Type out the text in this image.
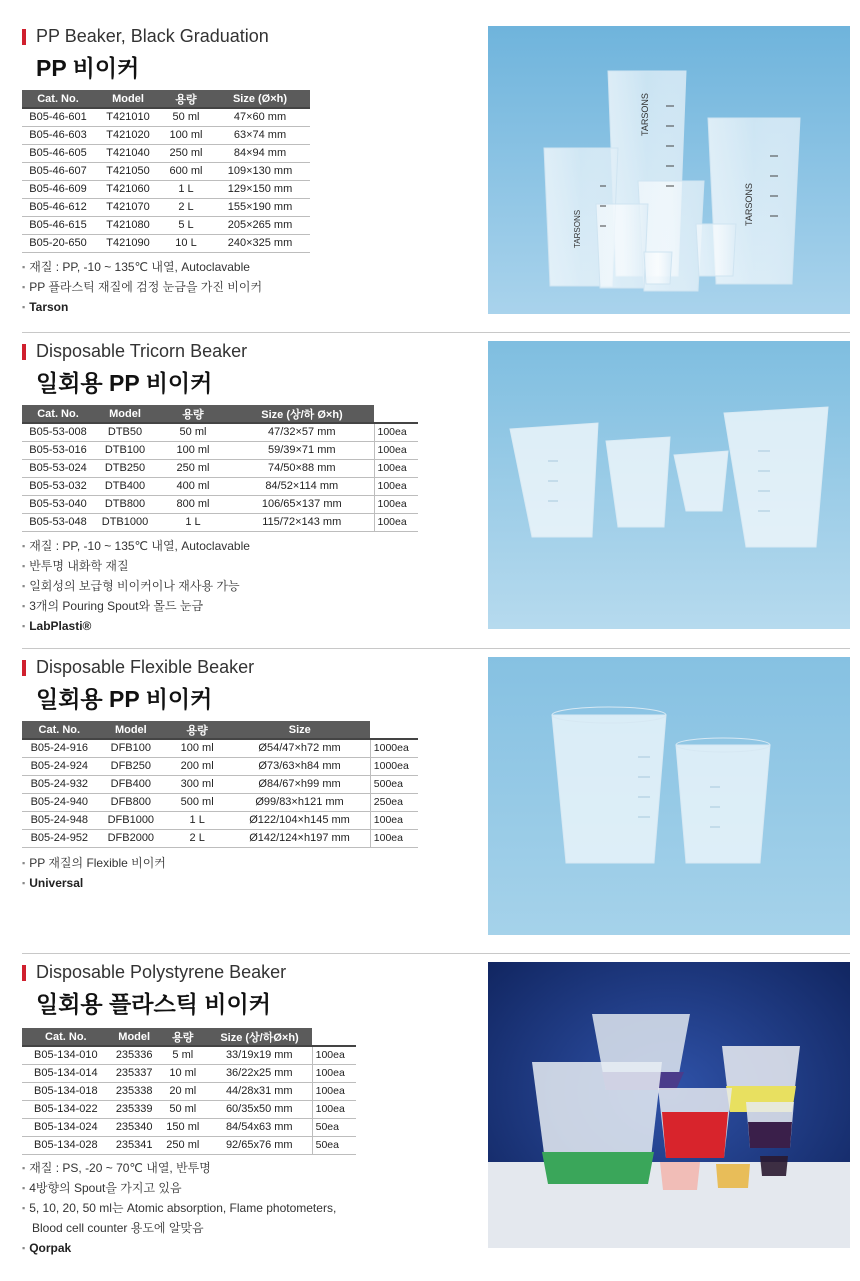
PP Beaker, Black Graduation
PP 비이커
Cat. No.	Model	용량	Size (Ø×h)
B05-46-601	T421010	50 ml	47×60 mm
B05-46-603	T421020	100 ml	63×74 mm
B05-46-605	T421040	250 ml	84×94 mm
B05-46-607	T421050	600 ml	109×130 mm
B05-46-609	T421060	1 L	129×150 mm
B05-46-612	T421070	2 L	155×190 mm
B05-46-615	T421080	5 L	205×265 mm
B05-20-650	T421090	10 L	240×325 mm
▪ 재질 : PP, -10 ~ 135℃ 내열, Autoclavable
▪ PP 플라스틱 재질에 검정 눈금을 가진 비이커
▪ Tarson
TARSONS
TARSONS
TARSONS
Disposable Tricorn Beaker
일회용 PP 비이커
Cat. No.	Model	용량	Size (상/하 Ø×h)	
B05-53-008	DTB50	50 ml	47/32×57 mm	100ea
B05-53-016	DTB100	100 ml	59/39×71 mm	100ea
B05-53-024	DTB250	250 ml	74/50×88 mm	100ea
B05-53-032	DTB400	400 ml	84/52×114 mm	100ea
B05-53-040	DTB800	800 ml	106/65×137 mm	100ea
B05-53-048	DTB1000	1 L	115/72×143 mm	100ea
▪ 재질 : PP, -10 ~ 135℃ 내열, Autoclavable
▪ 반투명 내화학 재질
▪ 일회성의 보급형 비이커이나 재사용 가능
▪ 3개의 Pouring Spout와 몰드 눈금
▪ LabPlasti®
Disposable Flexible Beaker
일회용 PP 비이커
Cat. No.	Model	용량	Size	
B05-24-916	DFB100	100 ml	Ø54/47×h72 mm	1000ea
B05-24-924	DFB250	200 ml	Ø73/63×h84 mm	1000ea
B05-24-932	DFB400	300 ml	Ø84/67×h99 mm	500ea
B05-24-940	DFB800	500 ml	Ø99/83×h121 mm	250ea
B05-24-948	DFB1000	1 L	Ø122/104×h145 mm	100ea
B05-24-952	DFB2000	2 L	Ø142/124×h197 mm	100ea
▪ PP 재질의 Flexible 비이커
▪ Universal
Disposable Polystyrene Beaker
일회용 플라스틱 비이커
Cat. No.	Model	용량	Size (상/하Ø×h)	
B05-134-010	235336	5 ml	33/19x19 mm	100ea
B05-134-014	235337	10 ml	36/22x25 mm	100ea
B05-134-018	235338	20 ml	44/28x31 mm	100ea
B05-134-022	235339	50 ml	60/35x50 mm	100ea
B05-134-024	235340	150 ml	84/54x63 mm	50ea
B05-134-028	235341	250 ml	92/65x76 mm	50ea
▪ 재질 : PS, -20 ~ 70℃ 내열, 반투명
▪ 4방향의 Spout을 가지고 있음
▪ 5, 10, 20, 50 ml는 Atomic absorption, Flame photometers,
Blood cell counter 용도에 알맞음
▪ Qorpak
